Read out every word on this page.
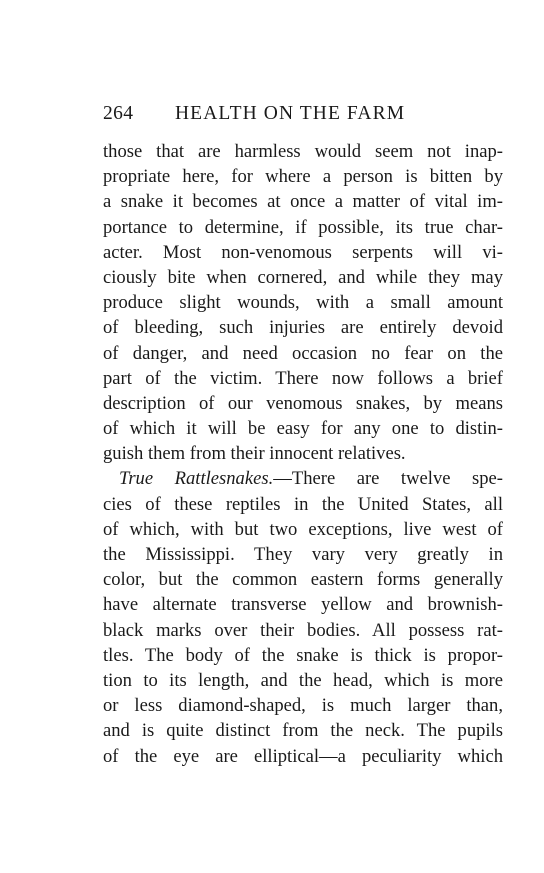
264 HEALTH ON THE FARM
those that are harmless would seem not inap-
propriate here, for where a person is bitten by
a snake it becomes at once a matter of vital im-
portance to determine, if possible, its true char-
acter. Most non-venomous serpents will vi-
ciously bite when cornered, and while they may
produce slight wounds, with a small amount
of bleeding, such injuries are entirely devoid
of danger, and need occasion no fear on the
part of the victim. There now follows a brief
description of our venomous snakes, by means
of which it will be easy for any one to distin-
guish them from their innocent relatives.
True Rattlesnakes.—There are twelve spe-
cies of these reptiles in the United States, all
of which, with but two exceptions, live west of
the Mississippi. They vary very greatly in
color, but the common eastern forms generally
have alternate transverse yellow and brownish-
black marks over their bodies. All possess rat-
tles. The body of the snake is thick is propor-
tion to its length, and the head, which is more
or less diamond-shaped, is much larger than,
and is quite distinct from the neck. The pupils
of the eye are elliptical—a peculiarity which
